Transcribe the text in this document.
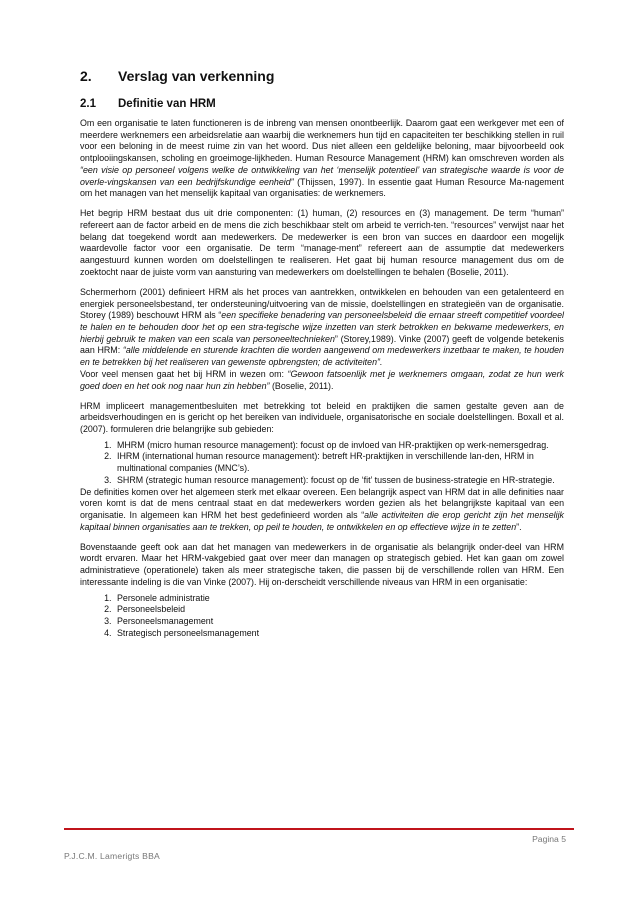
2.	Verslag van verkenning
2.1	Definitie van HRM

Om een organisatie te laten functioneren is de inbreng van mensen onontbeerlijk. Daarom gaat een werkgever met een of meerdere werknemers een arbeidsrelatie aan waarbij die werknemers hun tijd en capaciteiten ter beschikking stellen in ruil voor een beloning in de meest ruime zin van het woord. Dus niet alleen een geldelijke beloning, maar bijvoorbeeld ook ontplooiingskansen, scholing en groeimoge-lijkheden. Human Resource Management (HRM) kan omschreven worden als “een visie op personeel volgens welke de ontwikkeling van het ‘menselijk potentieel’ van strategische waarde is voor de overle-vingskansen van een bedrijfskundige eenheid” (Thijssen, 1997). In essentie gaat Human Resource Ma-nagement om het managen van het menselijk kapitaal van organisaties: de werknemers.

Het begrip HRM bestaat dus uit drie componenten: (1) human, (2) resources en (3) management. De term “human” refereert aan de factor arbeid en de mens die zich beschikbaar stelt om arbeid te verrich-ten. “resources” verwijst naar het belang dat toegekend wordt aan medewerkers. De medewerker is een bron van succes en daardoor een mogelijk waardevolle factor voor een organisatie. De term “manage-ment” refereert aan de assumptie dat medewerkers aangestuurd kunnen worden om doelstellingen te realiseren. Het gaat bij human resource management dus om de zoektocht naar de juiste vorm van aansturing van medewerkers om doelstellingen te behalen (Boselie, 2011).

Schermerhorn (2001) definieert HRM als het proces van aantrekken, ontwikkelen en behouden van een getalenteerd en energiek personeelsbestand, ter ondersteuning/uitvoering van de missie, doelstellingen en strategieën van de organisatie. Storey (1989) beschouwt HRM als “een specifieke benadering van personeelsbeleid die ernaar streeft competitief voordeel te halen en te behouden door het op een stra-tegische wijze inzetten van sterk betrokken en bekwame medewerkers, en hierbij gebruik te maken van een scala van personeeltechnieken” (Storey,1989). Vinke (2007) geeft de volgende betekenis aan HRM: “alle middelende en sturende krachten die worden aangewend om medewerkers inzetbaar te maken, te houden en te betrekken bij het realiseren van gewenste opbrengsten; de activiteiten”.
Voor veel mensen gaat het bij HRM in wezen om: “Gewoon fatsoenlijk met je werknemers omgaan, zodat ze hun werk goed doen en het ook nog naar hun zin hebben” (Boselie, 2011).

HRM impliceert managementbesluiten met betrekking tot beleid en praktijken die samen gestalte geven aan de arbeidsverhoudingen en is gericht op het bereiken van individuele, organisatorische en sociale doelstellingen. Boxall et al. (2007). formuleren drie belangrijke sub gebieden:

1. MHRM (micro human resource management): focust op de invloed van HR-praktijken op werk-nemersgedrag.
2. IHRM (international human resource management): betreft HR-praktijken in verschillende lan-den, HRM in multinational companies (MNC’s).
3. SHRM (strategic human resource management): focust op de ‘fit’ tussen de business-strategie en HR-strategie.

De definities komen over het algemeen sterk met elkaar overeen. Een belangrijk aspect van HRM dat in alle definities naar voren komt is dat de mens centraal staat en dat medewerkers worden gezien als het belangrijkste kapitaal van een organisatie. In algemeen kan HRM het best gedefinieerd worden als “alle activiteiten die erop gericht zijn het menselijk kapitaal binnen organisaties aan te trekken, op peil te houden, te ontwikkelen en op effectieve wijze in te zetten”.

Bovenstaande geeft ook aan dat het managen van medewerkers in de organisatie als belangrijk onder-deel van HRM wordt ervaren. Maar het HRM-vakgebied gaat over meer dan managen op strategisch gebied. Het kan gaan om zowel administratieve (operationele) taken als meer strategische taken, die passen bij de verschillende rollen van HRM. Een interessante indeling is die van Vinke (2007). Hij on-derscheidt verschillende niveaus van HRM in een organisatie:

1. Personele administratie
2. Personeelsbeleid
3. Personeelsmanagement
4. Strategisch personeelsmanagement
Pagina 5
P.J.C.M. Lamerigts BBA
